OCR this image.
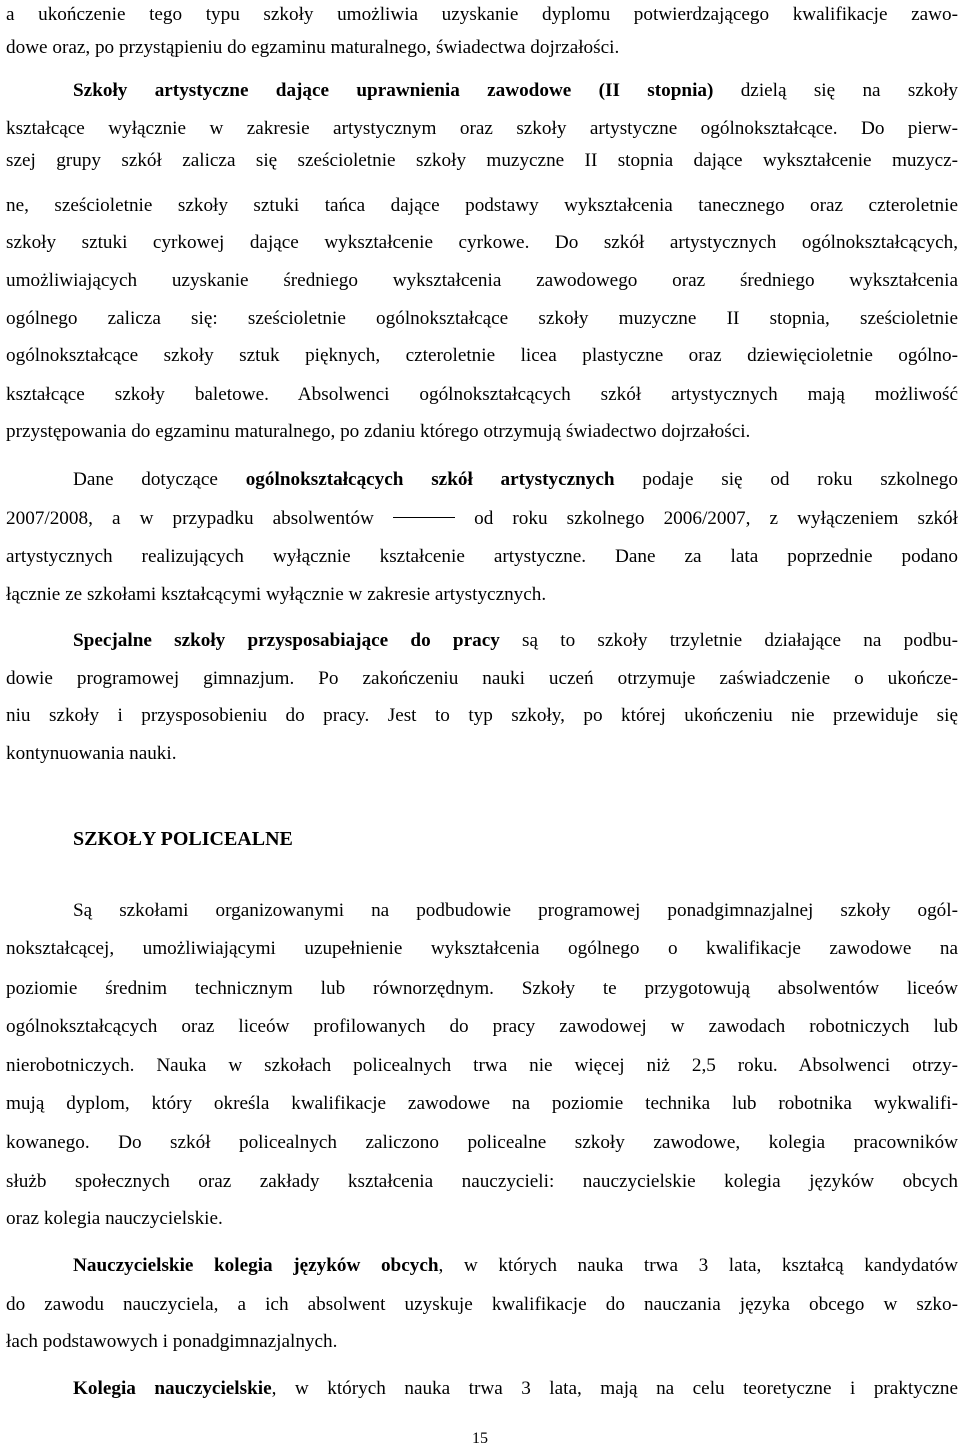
a ukończenie tego typu szkoły umożliwia uzyskanie dyplomu potwierdzającego kwalifikacje zawo-

dowe oraz, po przystąpieniu do egzaminu maturalnego, świadectwa dojrzałości.

Szkoły artystyczne dające uprawnienia zawodowe (II stopnia) dzielą się na szkoły

kształcące wyłącznie w zakresie artystycznym oraz szkoły artystyczne ogólnokształcące. Do pierw-

szej grupy szkół zalicza się sześcioletnie szkoły muzyczne II stopnia dające wykształcenie muzycz-

ne, sześcioletnie szkoły sztuki tańca dające podstawy wykształcenia tanecznego oraz czteroletnie

szkoły sztuki cyrkowej dające wykształcenie cyrkowe. Do szkół artystycznych ogólnokształcących,

umożliwiających uzyskanie średniego wykształcenia zawodowego oraz średniego wykształcenia

ogólnego zalicza się: sześcioletnie ogólnokształcące szkoły muzyczne II stopnia, sześcioletnie

ogólnokształcące szkoły sztuk pięknych, czteroletnie licea plastyczne oraz dziewięcioletnie ogólno-

kształcące szkoły baletowe. Absolwenci ogólnokształcących szkół artystycznych mają możliwość

przystępowania do egzaminu maturalnego, po zdaniu którego otrzymują świadectwo dojrzałości.

Dane dotyczące ogólnokształcących szkół artystycznych podaje się od roku szkolnego

2007/2008, a w przypadku absolwentów	od roku szkolnego 2006/2007, z wyłączeniem szkół

artystycznych realizujących wyłącznie kształcenie artystyczne. Dane za lata poprzednie podano

łącznie ze szkołami kształcącymi wyłącznie w zakresie artystycznych.

Specjalne szkoły przysposabiające do pracy są to szkoły trzyletnie działające na podbu-

dowie programowej gimnazjum. Po zakończeniu nauki uczeń otrzymuje zaświadczenie o ukończe-

niu szkoły i przysposobieniu do pracy. Jest to typ szkoły, po której ukończeniu nie przewiduje się

kontynuowania nauki.

Są szkołami organizowanymi na podbudowie programowej ponadgimnazjalnej szkoły ogól-

nokształcącej, umożliwiającymi uzupełnienie wykształcenia ogólnego o kwalifikacje zawodowe na

poziomie średnim technicznym lub równorzędnym. Szkoły te przygotowują absolwentów liceów

ogólnokształcących oraz liceów profilowanych do pracy zawodowej w zawodach robotniczych lub

nierobotniczych. Nauka w szkołach policealnych trwa nie więcej niż 2,5 roku. Absolwenci otrzy-

mują dyplom, który określa kwalifikacje zawodowe na poziomie technika lub robotnika wykwalifi-

kowanego. Do szkół policealnych zaliczono policealne szkoły zawodowe, kolegia pracowników

służb społecznych oraz zakłady kształcenia nauczycieli: nauczycielskie kolegia języków obcych

oraz kolegia nauczycielskie.

Nauczycielskie kolegia języków obcych, w których nauka trwa 3 lata, kształcą kandydatów

do zawodu nauczyciela, a ich absolwent uzyskuje kwalifikacje do nauczania języka obcego w szko-

łach podstawowych i ponadgimnazjalnych.

Kolegia nauczycielskie, w których nauka trwa 3 lata, mają na celu teoretyczne i praktyczne

SZKOŁY POLICEALNE
15
